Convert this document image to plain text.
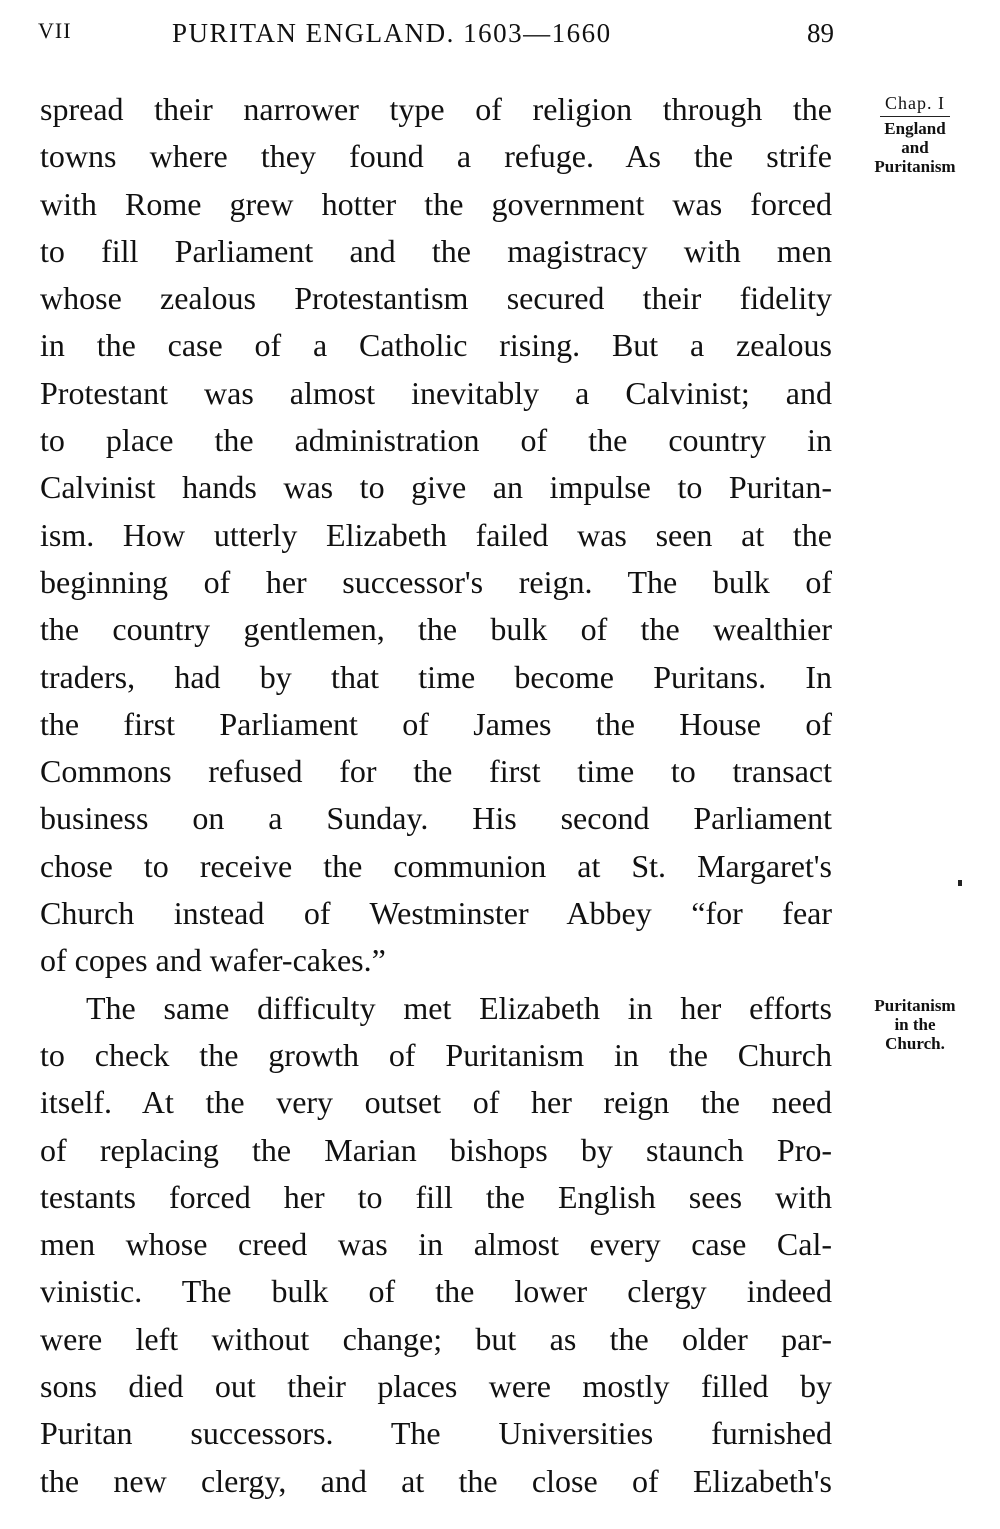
VII	PURITAN ENGLAND. 1603—1660	89
Chap. I
England
and
Puritanism
Puritanism
in the
Church.
spread their narrower type of religion through the
towns where they found a refuge. As the strife
with Rome grew hotter the government was forced
to fill Parliament and the magistracy with men
whose zealous Protestantism secured their fidelity
in the case of a Catholic rising. But a zealous
Protestant was almost inevitably a Calvinist; and
to place the administration of the country in
Calvinist hands was to give an impulse to Puritan-
ism. How utterly Elizabeth failed was seen at the
beginning of her successor's reign. The bulk of
the country gentlemen, the bulk of the wealthier
traders, had by that time become Puritans. In
the first Parliament of James the House of
Commons refused for the first time to transact
business on a Sunday. His second Parliament
chose to receive the communion at St. Margaret's
Church instead of Westminster Abbey “for fear
of copes and wafer-cakes.”
The same difficulty met Elizabeth in her efforts
to check the growth of Puritanism in the Church
itself. At the very outset of her reign the need
of replacing the Marian bishops by staunch Pro-
testants forced her to fill the English sees with
men whose creed was in almost every case Cal-
vinistic. The bulk of the lower clergy indeed
were left without change; but as the older par-
sons died out their places were mostly filled by
Puritan successors. The Universities furnished
the new clergy, and at the close of Elizabeth's
